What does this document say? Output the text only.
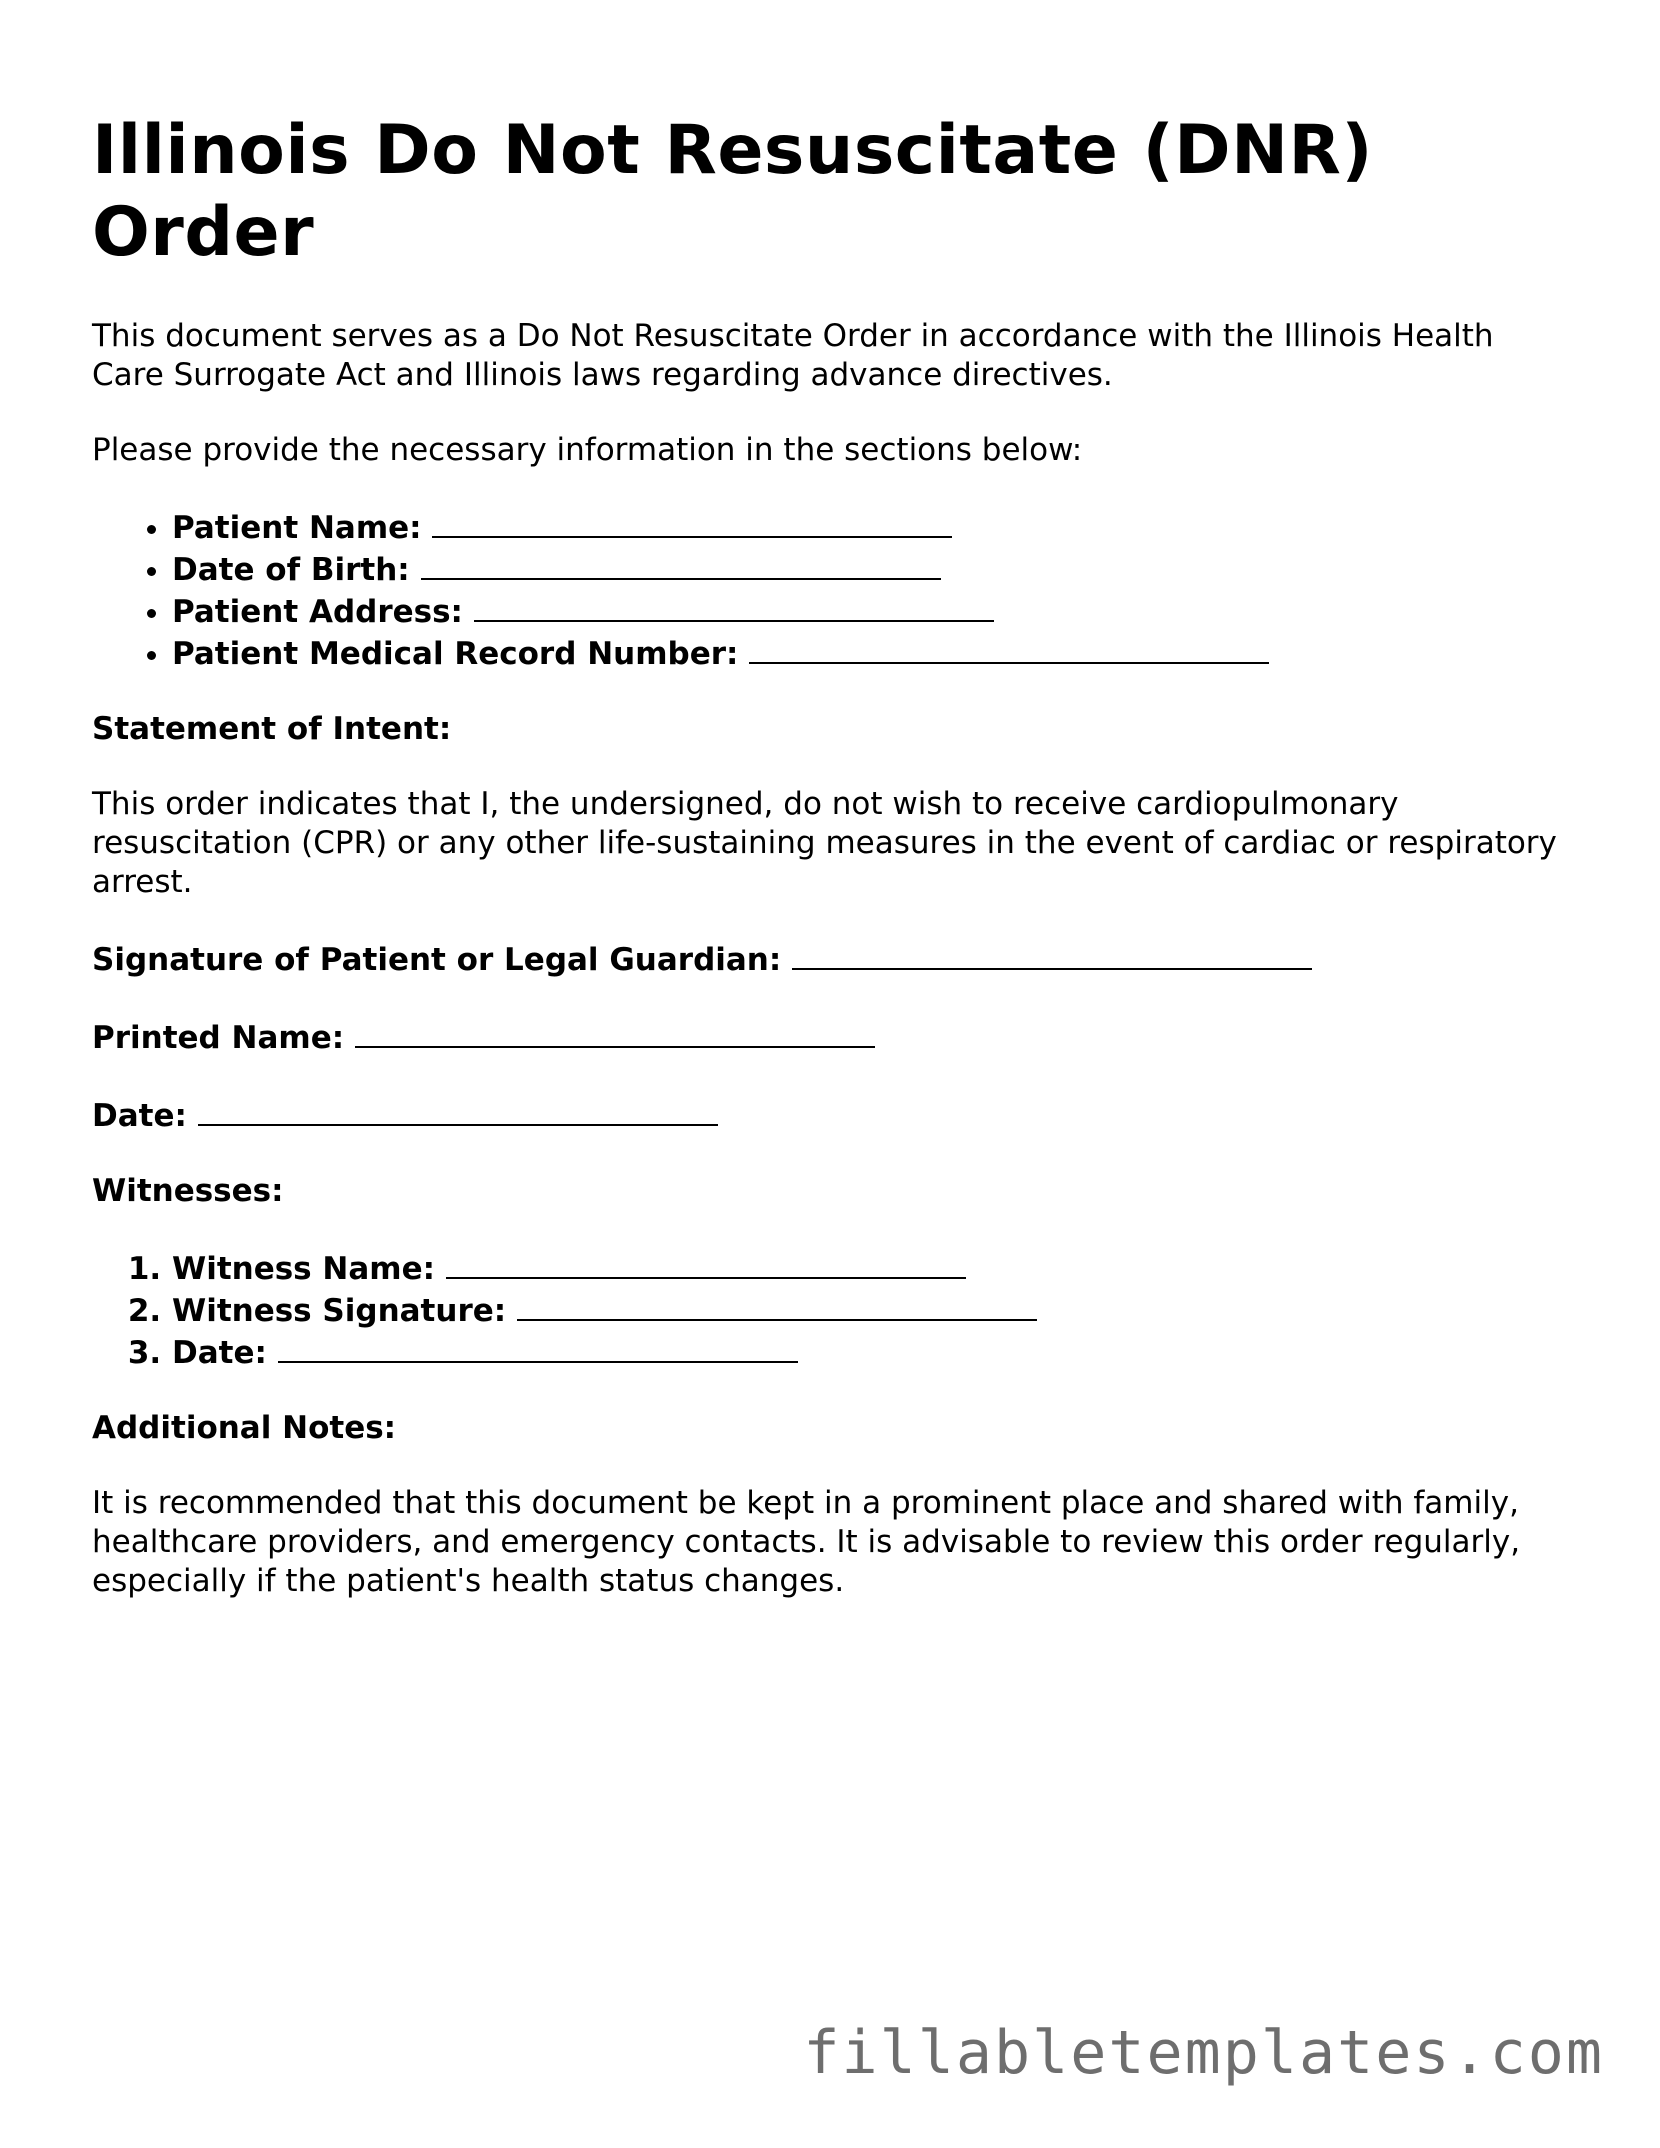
Illinois Do Not Resuscitate (DNR) Order

This document serves as a Do Not Resuscitate Order in accordance with the Illinois Health Care Surrogate Act and Illinois laws regarding advance directives.

Please provide the necessary information in the sections below:

• Patient Name:
• Date of Birth:
• Patient Address:
• Patient Medical Record Number:

Statement of Intent:

This order indicates that I, the undersigned, do not wish to receive cardiopulmonary resuscitation (CPR) or any other life-sustaining measures in the event of cardiac or respiratory arrest.

Signature of Patient or Legal Guardian:

Printed Name:

Date:

Witnesses:

1. Witness Name:
2. Witness Signature:
3. Date:

Additional Notes:

It is recommended that this document be kept in a prominent place and shared with family, healthcare providers, and emergency contacts. It is advisable to review this order regularly, especially if the patient's health status changes.

fillabletemplates.com
